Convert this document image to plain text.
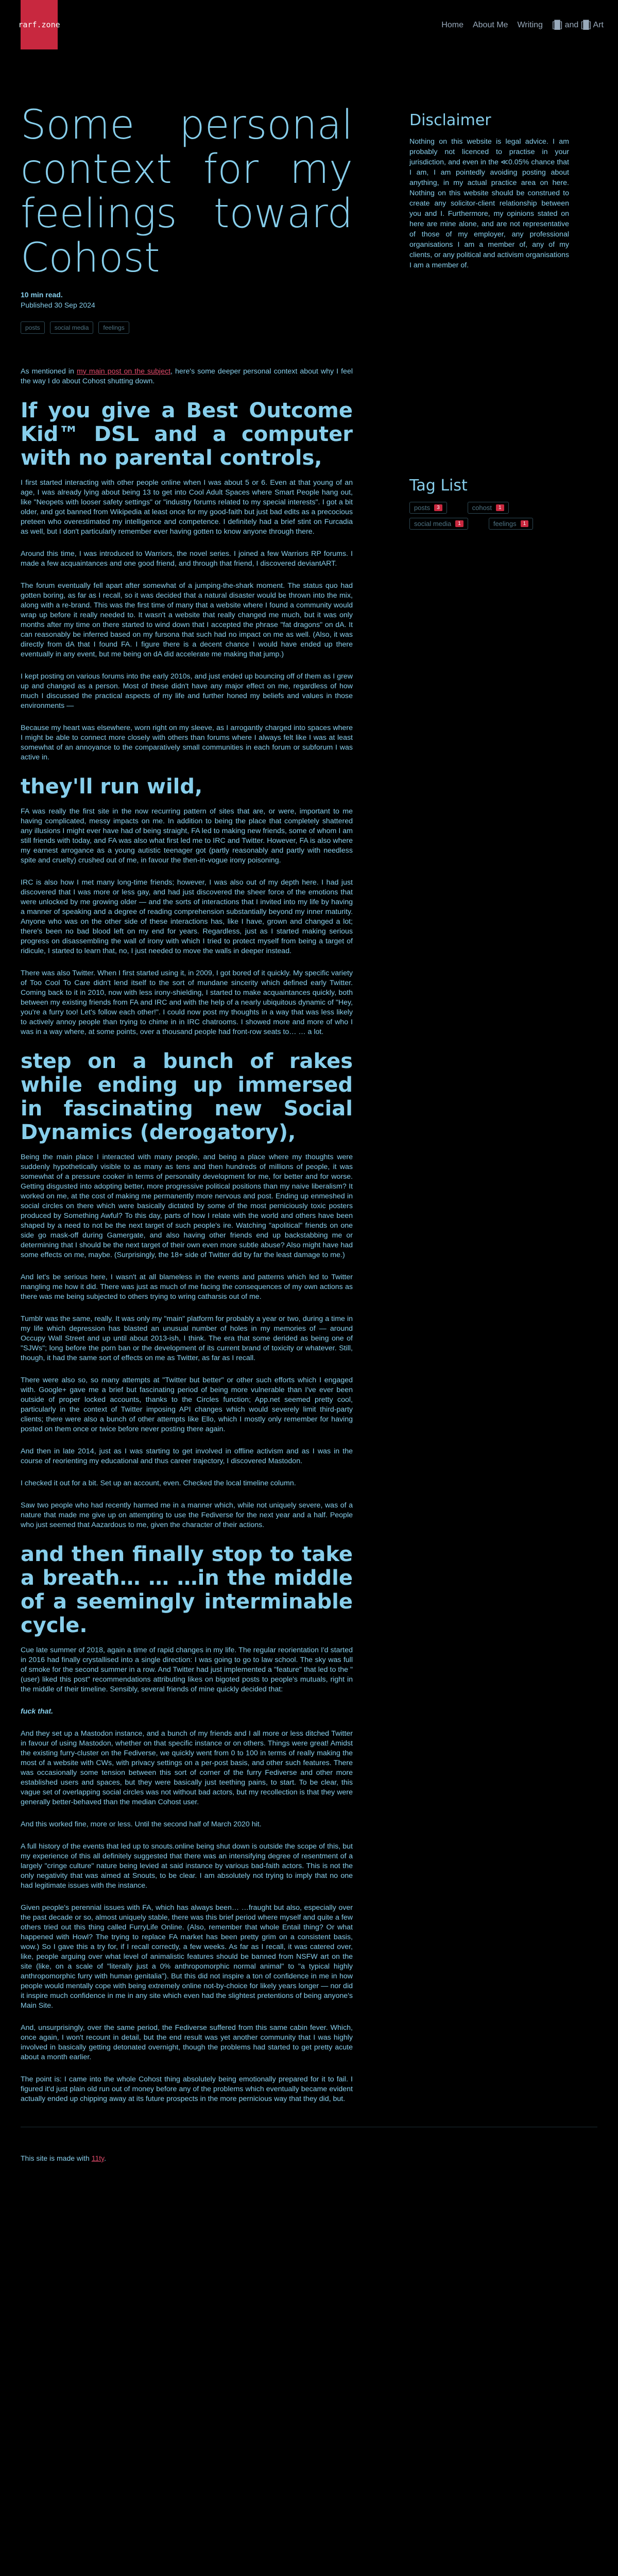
rarf.zone	Home About Me Writing [█] and [█] Art
Some personal context for my feelings toward Cohost
10 min read.
Published 30 Sep 2024
posts	social media	feelings

As mentioned in my main post on the subject, here's some deeper personal context about why I feel the way I do about Cohost shutting down.

If you give a Best Outcome Kid™ DSL and a computer with no parental controls,

I first started interacting with other people online when I was about 5 or 6. Even at that young of an age, I was already lying about being 13 to get into Cool Adult Spaces where Smart People hang out, like "Neopets with looser safety settings" or "industry forums related to my special interests". I got a bit older, and got banned from Wikipedia at least once for my good-faith but just bad edits as a precocious preteen who overestimated my intelligence and competence. I definitely had a brief stint on Furcadia as well, but I don't particularly remember ever having gotten to know anyone through there.

Around this time, I was introduced to Warriors, the novel series. I joined a few Warriors RP forums. I made a few acquaintances and one good friend, and through that friend, I discovered deviantART.

The forum eventually fell apart after somewhat of a jumping-the-shark moment. The status quo had gotten boring, as far as I recall, so it was decided that a natural disaster would be thrown into the mix, along with a re-brand. This was the first time of many that a website where I found a community would wrap up before it really needed to. It wasn't a website that really changed me much, but it was only months after my time on there started to wind down that I accepted the phrase "fat dragons" on dA. It can reasonably be inferred based on my fursona that such had no impact on me as well. (Also, it was directly from dA that I found FA. I figure there is a decent chance I would have ended up there eventually in any event, but me being on dA did accelerate me making that jump.)

I kept posting on various forums into the early 2010s, and just ended up bouncing off of them as I grew up and changed as a person. Most of these didn't have any major effect on me, regardless of how much I discussed the practical aspects of my life and further honed my beliefs and values in those environments —

Because my heart was elsewhere, worn right on my sleeve, as I arrogantly charged into spaces where I might be able to connect more closely with others than forums where I always felt like I was at least somewhat of an annoyance to the comparatively small communities in each forum or subforum I was active in.

they'll run wild,

FA was really the first site in the now recurring pattern of sites that are, or were, important to me having complicated, messy impacts on me. In addition to being the place that completely shattered any illusions I might ever have had of being straight, FA led to making new friends, some of whom I am still friends with today, and FA was also what first led me to IRC and Twitter. However, FA is also where my earnest arrogance as a young autistic teenager got (partly reasonably and partly with needless spite and cruelty) crushed out of me, in favour the then-in-vogue irony poisoning.

IRC is also how I met many long-time friends; however, I was also out of my depth here. I had just discovered that I was more or less gay, and had just discovered the sheer force of the emotions that were unlocked by me growing older — and the sorts of interactions that I invited into my life by having a manner of speaking and a degree of reading comprehension substantially beyond my inner maturity. Anyone who was on the other side of these interactions has, like I have, grown and changed a lot; there's been no bad blood left on my end for years. Regardless, just as I started making serious progress on disassembling the wall of irony with which I tried to protect myself from being a target of ridicule, I started to learn that, no, I just needed to move the walls in deeper instead.

There was also Twitter. When I first started using it, in 2009, I got bored of it quickly. My specific variety of Too Cool To Care didn't lend itself to the sort of mundane sincerity which defined early Twitter. Coming back to it in 2010, now with less irony-shielding, I started to make acquaintances quickly, both between my existing friends from FA and IRC and with the help of a nearly ubiquitous dynamic of "Hey, you're a furry too! Let's follow each other!". I could now post my thoughts in a way that was less likely to actively annoy people than trying to chime in in IRC chatrooms. I showed more and more of who I was in a way where, at some points, over a thousand people had front-row seats to… … a lot.

step on a bunch of rakes while ending up immersed in fascinating new Social Dynamics (derogatory),

Being the main place I interacted with many people, and being a place where my thoughts were suddenly hypothetically visible to as many as tens and then hundreds of millions of people, it was somewhat of a pressure cooker in terms of personality development for me, for better and for worse. Getting disgusted into adopting better, more progressive political positions than my naive liberalism? It worked on me, at the cost of making me permanently more nervous and post. Ending up enmeshed in social circles on there which were basically dictated by some of the most perniciously toxic posters produced by Something Awful? To this day, parts of how I relate with the world and others have been shaped by a need to not be the next target of such people's ire. Watching "apolitical" friends on one side go mask-off during Gamergate, and also having other friends end up backstabbing me or determining that I should be the next target of their own even more subtle abuse? Also might have had some effects on me, maybe. (Surprisingly, the 18+ side of Twitter did by far the least damage to me.)

And let's be serious here, I wasn't at all blameless in the events and patterns which led to Twitter mangling me how it did. There was just as much of me facing the consequences of my own actions as there was me being subjected to others trying to wring catharsis out of me.

Tumblr was the same, really. It was only my "main" platform for probably a year or two, during a time in my life which depression has blasted an unusual number of holes in my memories of — around Occupy Wall Street and up until about 2013-ish, I think. The era that some derided as being one of "SJWs"; long before the porn ban or the development of its current brand of toxicity or whatever. Still, though, it had the same sort of effects on me as Twitter, as far as I recall.

There were also so, so many attempts at "Twitter but better" or other such efforts which I engaged with. Google+ gave me a brief but fascinating period of being more vulnerable than I've ever been outside of proper locked accounts, thanks to the Circles function; App.net seemed pretty cool, particularly in the context of Twitter imposing API changes which would severely limit third-party clients; there were also a bunch of other attempts like Ello, which I mostly only remember for having posted on them once or twice before never posting there again.

And then in late 2014, just as I was starting to get involved in offline activism and as I was in the course of reorienting my educational and thus career trajectory, I discovered Mastodon.

I checked it out for a bit. Set up an account, even. Checked the local timeline column.

Saw two people who had recently harmed me in a manner which, while not uniquely severe, was of a nature that made me give up on attempting to use the Fediverse for the next year and a half. People who just seemed that Aazardous to me, given the character of their actions.

and then finally stop to take a breath… … …in the middle of a seemingly interminable cycle.

Cue late summer of 2018, again a time of rapid changes in my life. The regular reorientation I'd started in 2016 had finally crystallised into a single direction: I was going to go to law school. The sky was full of smoke for the second summer in a row. And Twitter had just implemented a "feature" that led to the "(user) liked this post" recommendations attributing likes on bigoted posts to people's mutuals, right in the middle of their timeline. Sensibly, several friends of mine quickly decided that:

fuck that.

And they set up a Mastodon instance, and a bunch of my friends and I all more or less ditched Twitter in favour of using Mastodon, whether on that specific instance or on others. Things were great! Amidst the existing furry-cluster on the Fediverse, we quickly went from 0 to 100 in terms of really making the most of a website with CWs, with privacy settings on a per-post basis, and other such features. There was occasionally some tension between this sort of corner of the furry Fediverse and other more established users and spaces, but they were basically just teething pains, to start. To be clear, this vague set of overlapping social circles was not without bad actors, but my recollection is that they were generally better-behaved than the median Cohost user.

And this worked fine, more or less. Until the second half of March 2020 hit.

A full history of the events that led up to snouts.online being shut down is outside the scope of this, but my experience of this all definitely suggested that there was an intensifying degree of resentment of a largely "cringe culture" nature being levied at said instance by various bad-faith actors. This is not the only negativity that was aimed at Snouts, to be clear. I am absolutely not trying to imply that no one had legitimate issues with the instance.

Given people's perennial issues with FA, which has always been… …fraught but also, especially over the past decade or so, almost uniquely stable, there was this brief period where myself and quite a few others tried out this thing called FurryLife Online. (Also, remember that whole Entail thing? Or what happened with Howl? The trying to replace FA market has been pretty grim on a consistent basis, wow.) So I gave this a try for, if I recall correctly, a few weeks. As far as I recall, it was catered over, like, people arguing over what level of animalistic features should be banned from NSFW art on the site (like, on a scale of "literally just a 0% anthropomorphic normal animal" to "a typical highly anthropomorphic furry with human genitalia"). But this did not inspire a ton of confidence in me in how people would mentally cope with being extremely online not-by-choice for likely years longer — nor did it inspire much confidence in me in any site which even had the slightest pretentions of being anyone's Main Site.

And, unsurprisingly, over the same period, the Fediverse suffered from this same cabin fever. Which, once again, I won't recount in detail, but the end result was yet another community that I was highly involved in basically getting detonated overnight, though the problems had started to get pretty acute about a month earlier.

The point is: I came into the whole Cohost thing absolutely being emotionally prepared for it to fail. I figured it'd just plain old run out of money before any of the problems which eventually became evident actually ended up chipping away at its future prospects in the more pernicious way that they did, but.

Disclaimer

Nothing on this website is legal advice. I am probably not licenced to practise in your jurisdiction, and even in the ≪0.05% chance that I am, I am pointedly avoiding posting about anything, in my actual practice area on here. Nothing on this website should be construed to create any solicitor-client relationship between you and I. Furthermore, my opinions stated on here are mine alone, and are not representative of those of my employer, any professional organisations I am a member of, any of my clients, or any political and activism organisations I am a member of.

Tag List
posts	3	cohost	1
social media	1	feelings	1
This site is made with 11ty.
